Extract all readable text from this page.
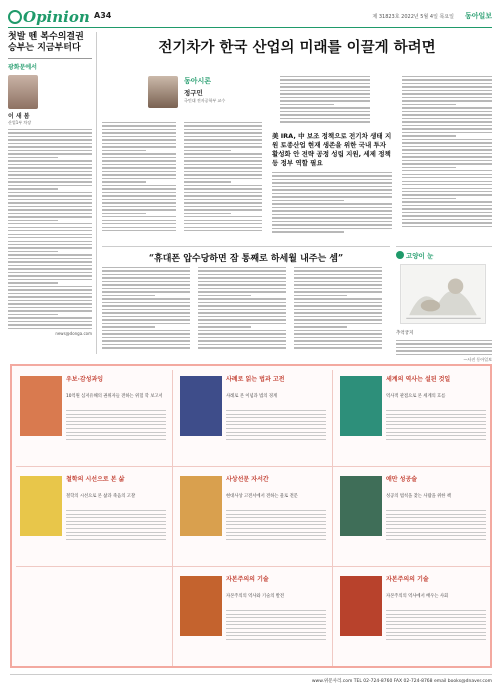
Opinion A34	제 31823호 2022년 5월 4일 목요일 동아일보
첫발 뗀 복수의결권 승부는 지금부터다
광화문에서
이 새 봄
산업1부 차장
news@donga.com
전기차가 한국 산업의 미래를 이끌게 하려면
동아시론
정구민
국민대 전자공학부 교수
美 IRA, 中 보조 정책으로 전기차 생태 지원 토종산업 현재 생존을 위한 국내 투자 활성화 안 전략 공정 성립 지원, 세제 정책 등 정부 역할 필요
“휴대폰 압수당하면 잠 통째로 하세월 내주는 셈”	고양이 눈
추억궁지
—사진 동아일보
우보·감성과잉
10억원 심저유해의 권위자들 전하는 위험 학 보고서
사례로 읽는 법과 고전
사례로 본 이념과 법의 경계
세계의 역사는 설된 것일
역사적 관점으로 본 세계의 흐름
철학의 시선으로 본 삶
철학의 시선으로 본 삶과 죽음의 고찰
사상선문 자서간
현대사상 고전서에서 전하는 물로 전문
애만 성공술
성공의 법칙을 찾는 사람을 위한 책
자본주의의 기술
자본주의의 역사와 기술의 발전
자본주의의 기술
자본주의의 역사에서 배우는 사회
www.위문사리.com TEL 02-724-8760 FAX 02-724-8768 email books@dnaver.com
